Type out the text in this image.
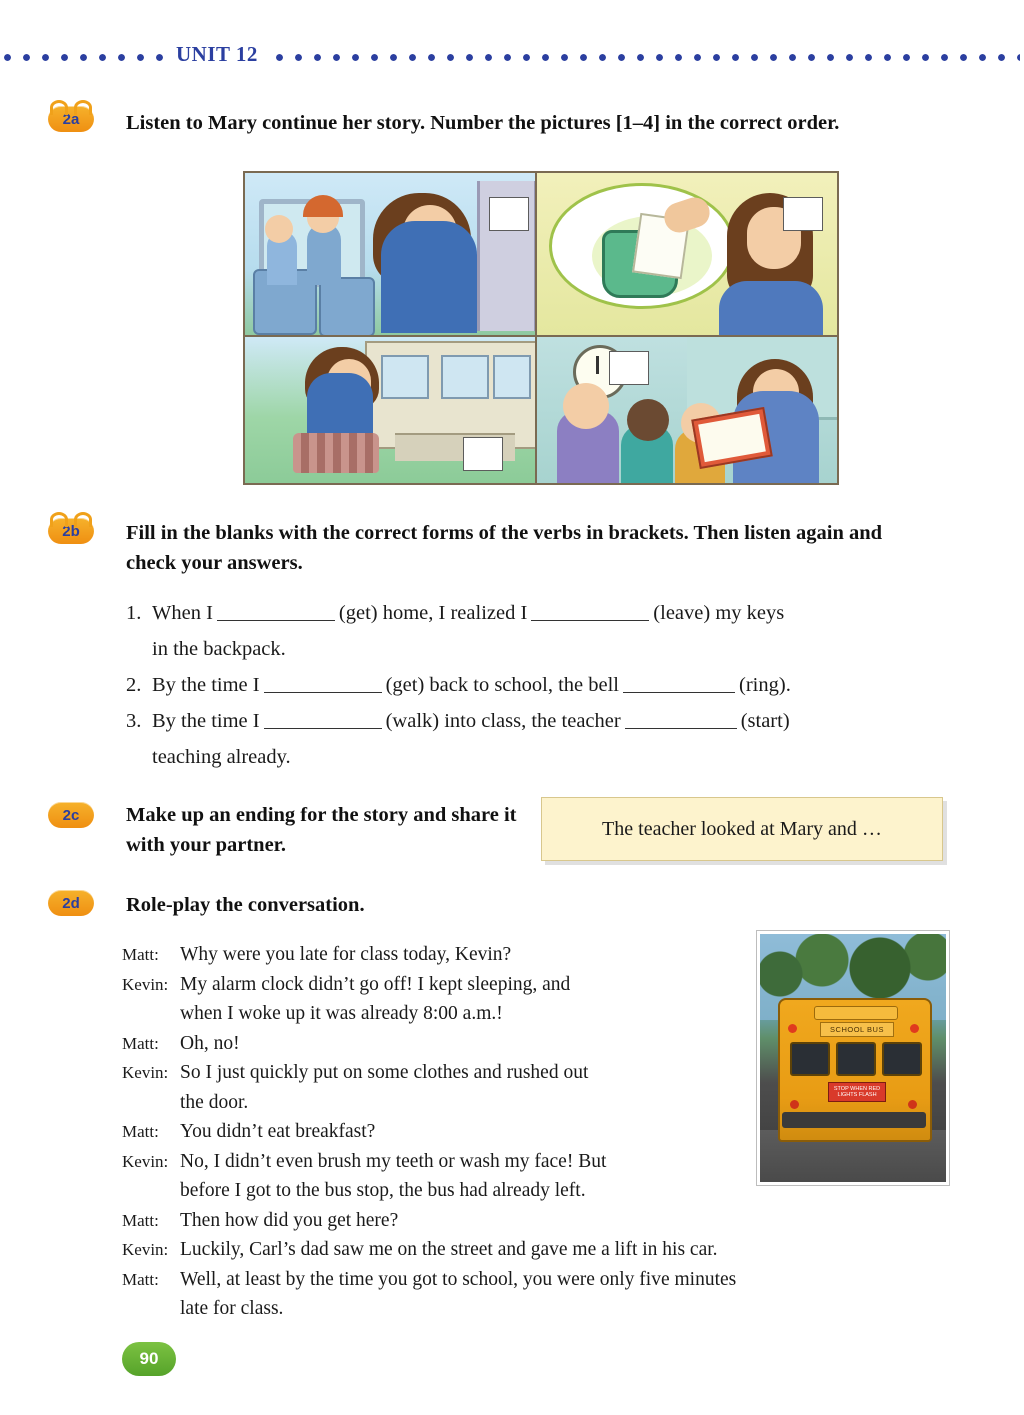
UNIT 12
2a	Listen to Mary continue her story. Number the pictures [1–4] in the correct order.
2b	Fill in the blanks with the correct forms of the verbs in brackets. Then listen again and check your answers.
1. When I	(get) home, I realized I	(leave) my keys
in the backpack.
2. By the time I	(get) back to school, the bell	(ring).
3. By the time I	(walk) into class, the teacher	(start)
teaching already.
2c	Make up an ending for the story and share it with your partner.
The teacher looked at Mary and …
2d	Role-play the conversation.
Matt:	Why were you late for class today, Kevin?
Kevin: My alarm clock didn’t go off! I kept sleeping, and
when I woke up it was already 8:00 a.m.!
Matt:	Oh, no!
Kevin: So I just quickly put on some clothes and rushed out
the door.
Matt:	You didn’t eat breakfast?
Kevin: No, I didn’t even brush my teeth or wash my face! But
before I got to the bus stop, the bus had already left.
Matt:	Then how did you get here?
Kevin: Luckily, Carl’s dad saw me on the street and gave me a lift in his car.
Matt:	Well, at least by the time you got to school, you were only five minutes
late for class.
SCHOOL BUS
STOP WHEN RED LIGHTS FLASH
90
